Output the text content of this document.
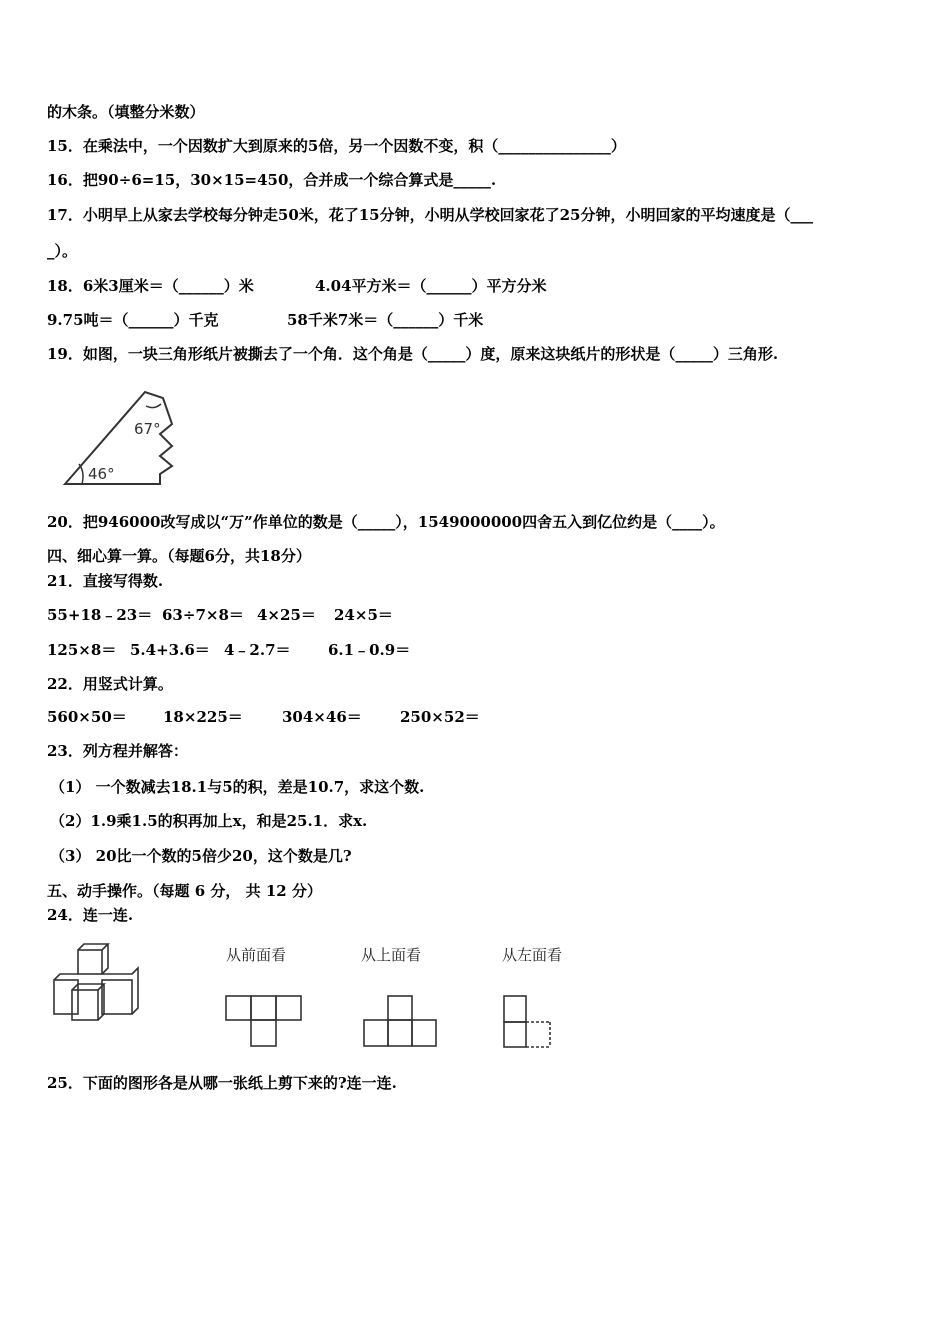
的木条。（填整分米数）
15．在乘法中，一个因数扩大到原来的5倍，另一个因数不变，积（_______________）
16．把90÷6=15，30×15=450，合并成一个综合算式是_____.
17．小明早上从家去学校每分钟走50米，花了15分钟，小明从学校回家花了25分钟，小明回家的平均速度是（___
_）。
18．6米3厘米＝（______）米	4.04平方米＝（______）平方分米
9.75吨＝（______）千克	58千米7米＝（______）千米
19．如图，一块三角形纸片被撕去了一个角．这个角是（_____）度，原来这块纸片的形状是（_____）三角形.
67°
46°
20．把946000改写成以“万”作单位的数是（_____），1549000000四舍五入到亿位约是（____）。
四、细心算一算。（每题6分，共18分）
21．直接写得数.
55+18﹣23＝ 63÷7×8＝ 4×25＝ 24×5＝
125×8＝ 5.4+3.6＝ 4﹣2.7＝ 6.1﹣0.9＝
22．用竖式计算。
560×50＝ 18×225＝	304×46＝	250×52＝
23．列方程并解答：
（1） 一个数减去18.1与5的积，差是10.7，求这个数.
（2）1.9乘1.5的积再加上x，和是25.1．求x.
（3） 20比一个数的5倍少20，这个数是几?
五、动手操作。（每题 6 分， 共 12 分）
24．连一连.
从前面看	从上面看	从左面看
25．下面的图形各是从哪一张纸上剪下来的?连一连.
